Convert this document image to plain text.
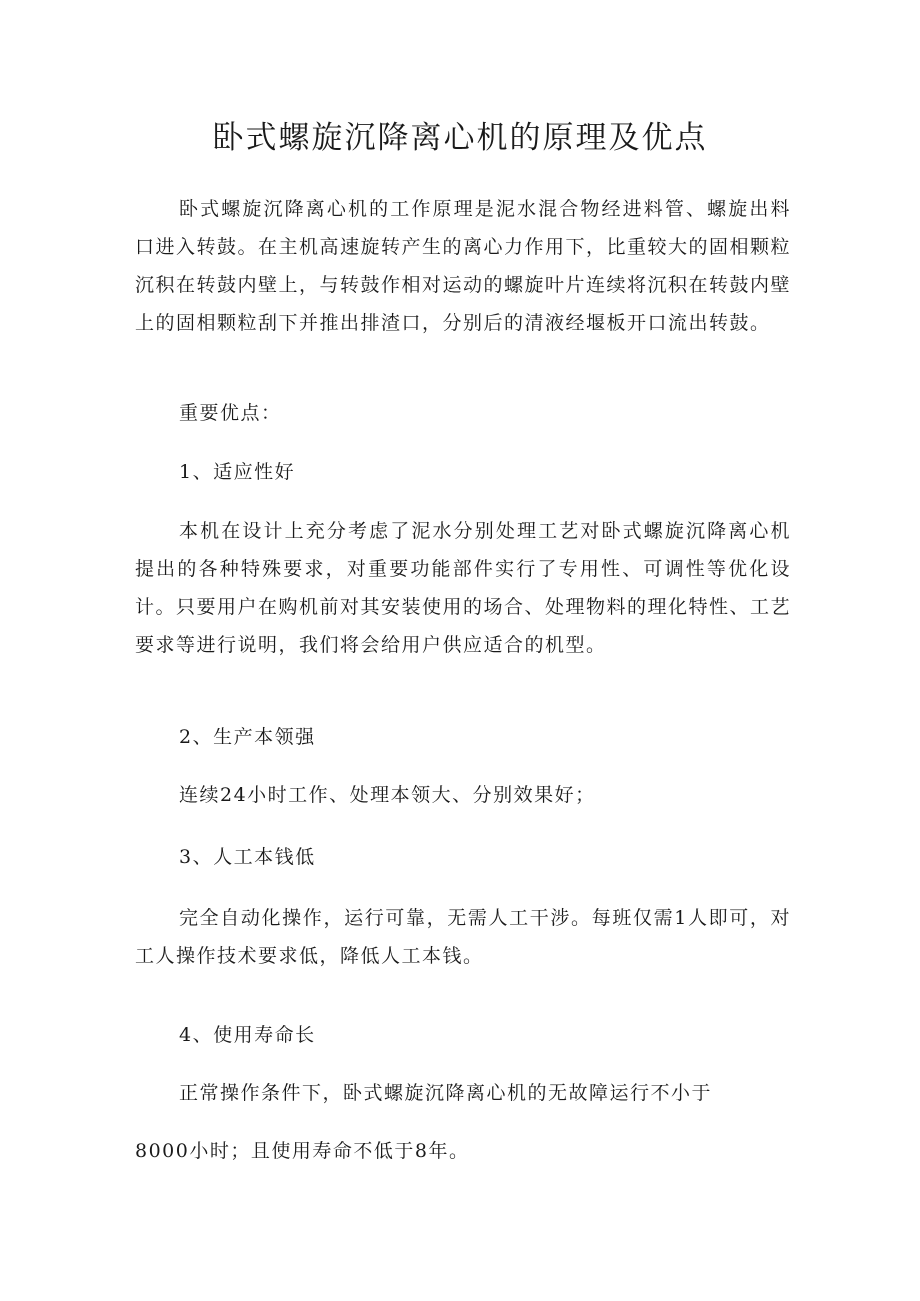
卧式螺旋沉降离心机的原理及优点

卧式螺旋沉降离心机的工作原理是泥水混合物经进料管、螺旋出料口进入转鼓。在主机高速旋转产生的离心力作用下，比重较大的固相颗粒沉积在转鼓内壁上，与转鼓作相对运动的螺旋叶片连续将沉积在转鼓内壁上的固相颗粒刮下并推出排渣口，分别后的清液经堰板开口流出转鼓。

重要优点：

1、适应性好

本机在设计上充分考虑了泥水分别处理工艺对卧式螺旋沉降离心机提出的各种特殊要求，对重要功能部件实行了专用性、可调性等优化设计。只要用户在购机前对其安装使用的场合、处理物料的理化特性、工艺要求等进行说明，我们将会给用户供应适合的机型。

2、生产本领强

连续24小时工作、处理本领大、分别效果好；

3、人工本钱低

完全自动化操作，运行可靠，无需人工干涉。每班仅需1人即可，对工人操作技术要求低，降低人工本钱。

4、使用寿命长

正常操作条件下，卧式螺旋沉降离心机的无故障运行不小于

8000小时；且使用寿命不低于8年。
